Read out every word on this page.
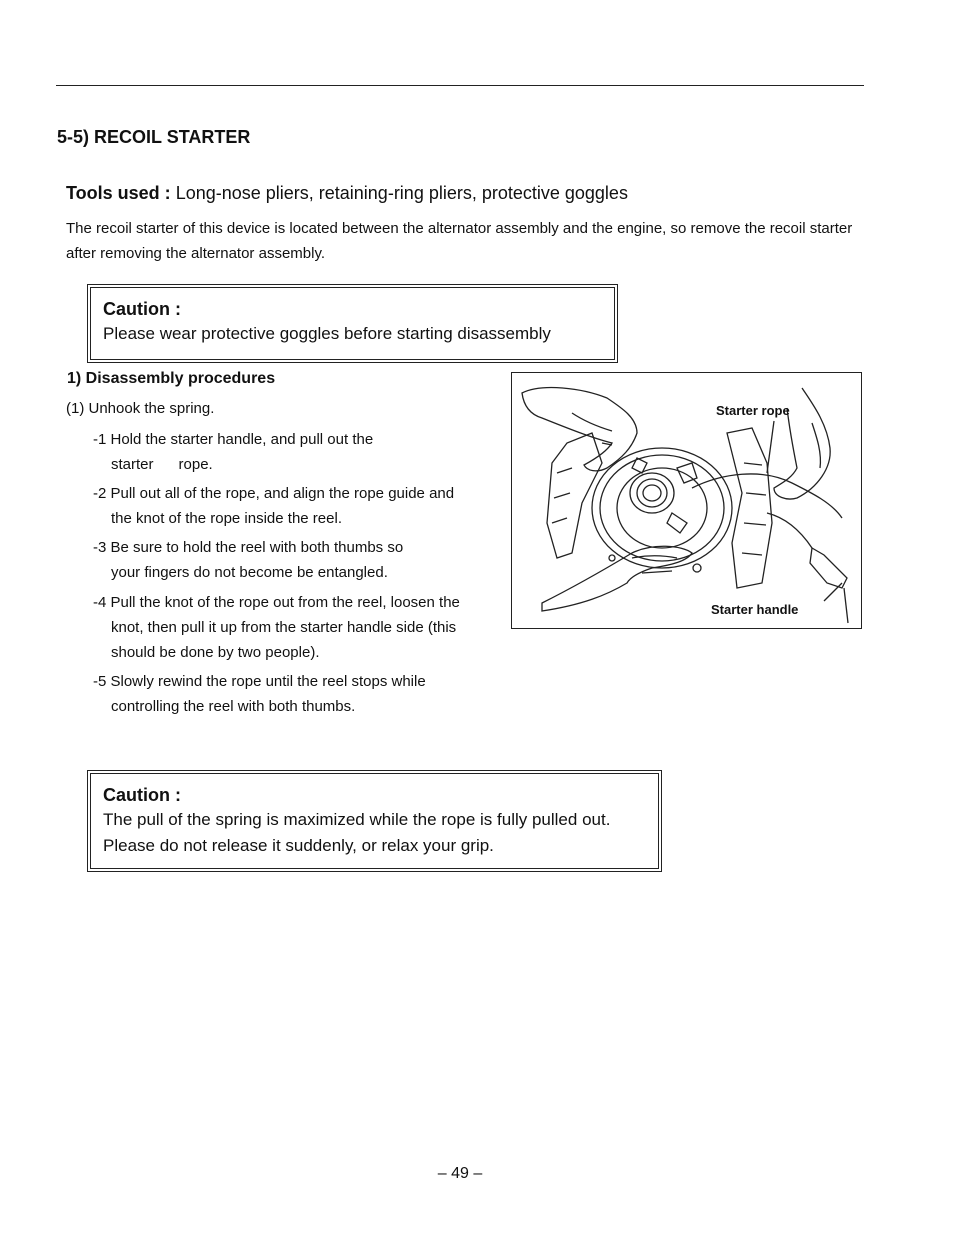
5-5) RECOIL STARTER
Tools used : Long-nose pliers, retaining-ring pliers, protective goggles
The recoil starter of this device is located between the alternator assembly and the engine, so remove the recoil starter after removing the alternator assembly.
Caution :
Please wear protective goggles before starting disassembly
1) Disassembly procedures
(1) Unhook the spring.
-1 Hold the starter handle, and pull out the starter      rope.
-2 Pull out all of the rope, and align the rope guide and the knot of the rope inside the reel.
-3 Be sure to hold the reel with both thumbs so your fingers do not become be entangled.
-4 Pull the knot of the rope out from the reel, loosen the knot, then pull it up from the starter handle side (this should be done by two people).
-5 Slowly rewind the rope until the reel stops while controlling the reel with both thumbs.
Starter rope
Starter handle
Caution :
The pull of the spring is maximized while the rope is fully pulled out.
Please do not release it suddenly, or relax your grip.
– 49 –
